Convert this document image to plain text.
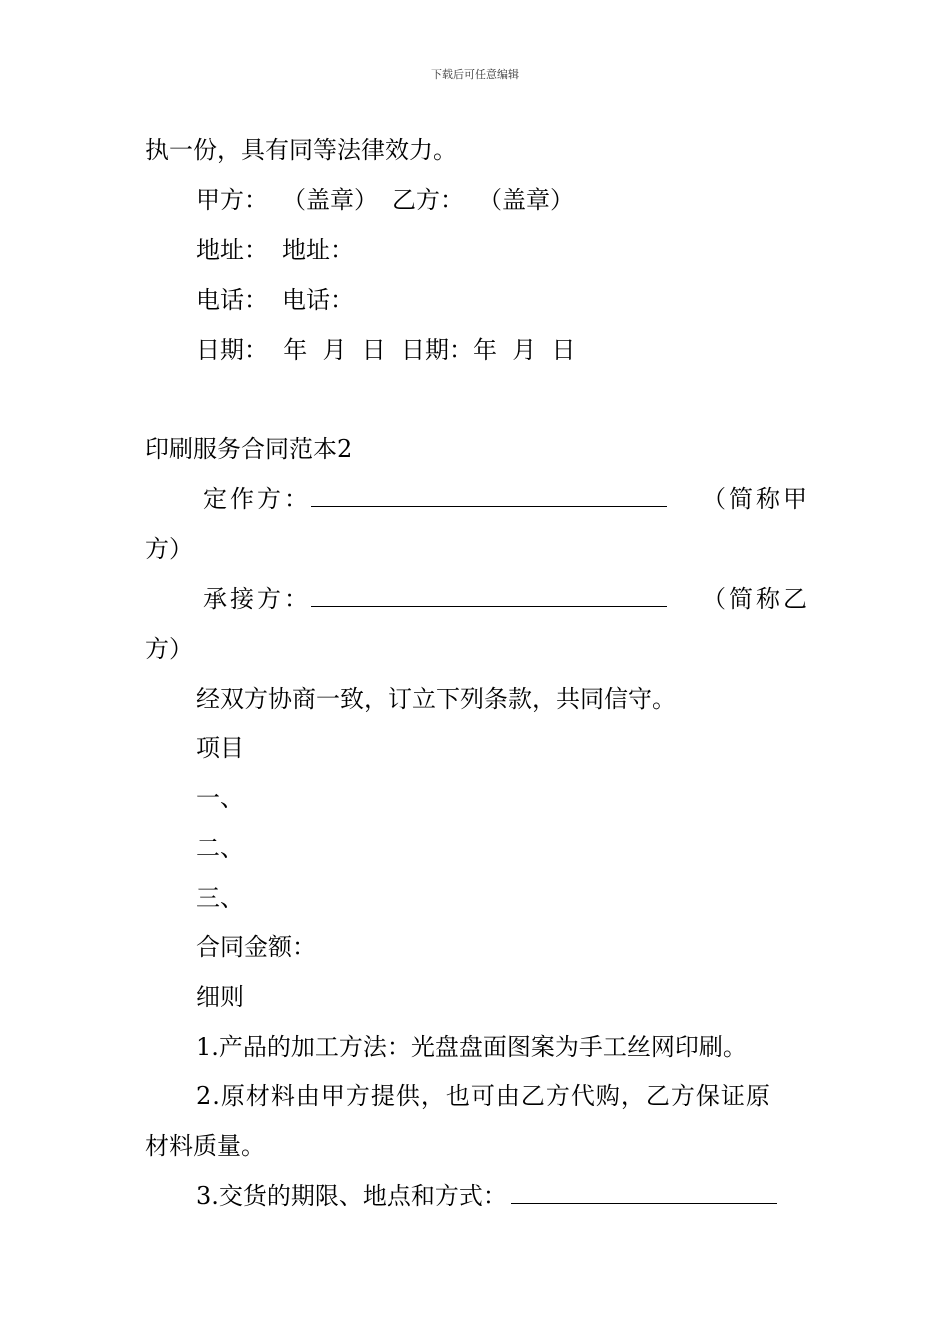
下载后可任意编辑
执一份，具有同等法律效力。
甲方： （盖章） 乙方： （盖章）
地址： 地址：
电话： 电话：
日期： 年  月  日 日期：年  月  日
印刷服务合同范本2
定作方：	（简称甲
方）
承接方：	（简称乙
方）
经双方协商一致，订立下列条款，共同信守。
项目
一、
二、
三、
合同金额：
细则
1.产品的加工方法：光盘盘面图案为手工丝网印刷。
2.原材料由甲方提供，也可由乙方代购，乙方保证原
材料质量。
3.交货的期限、地点和方式：
